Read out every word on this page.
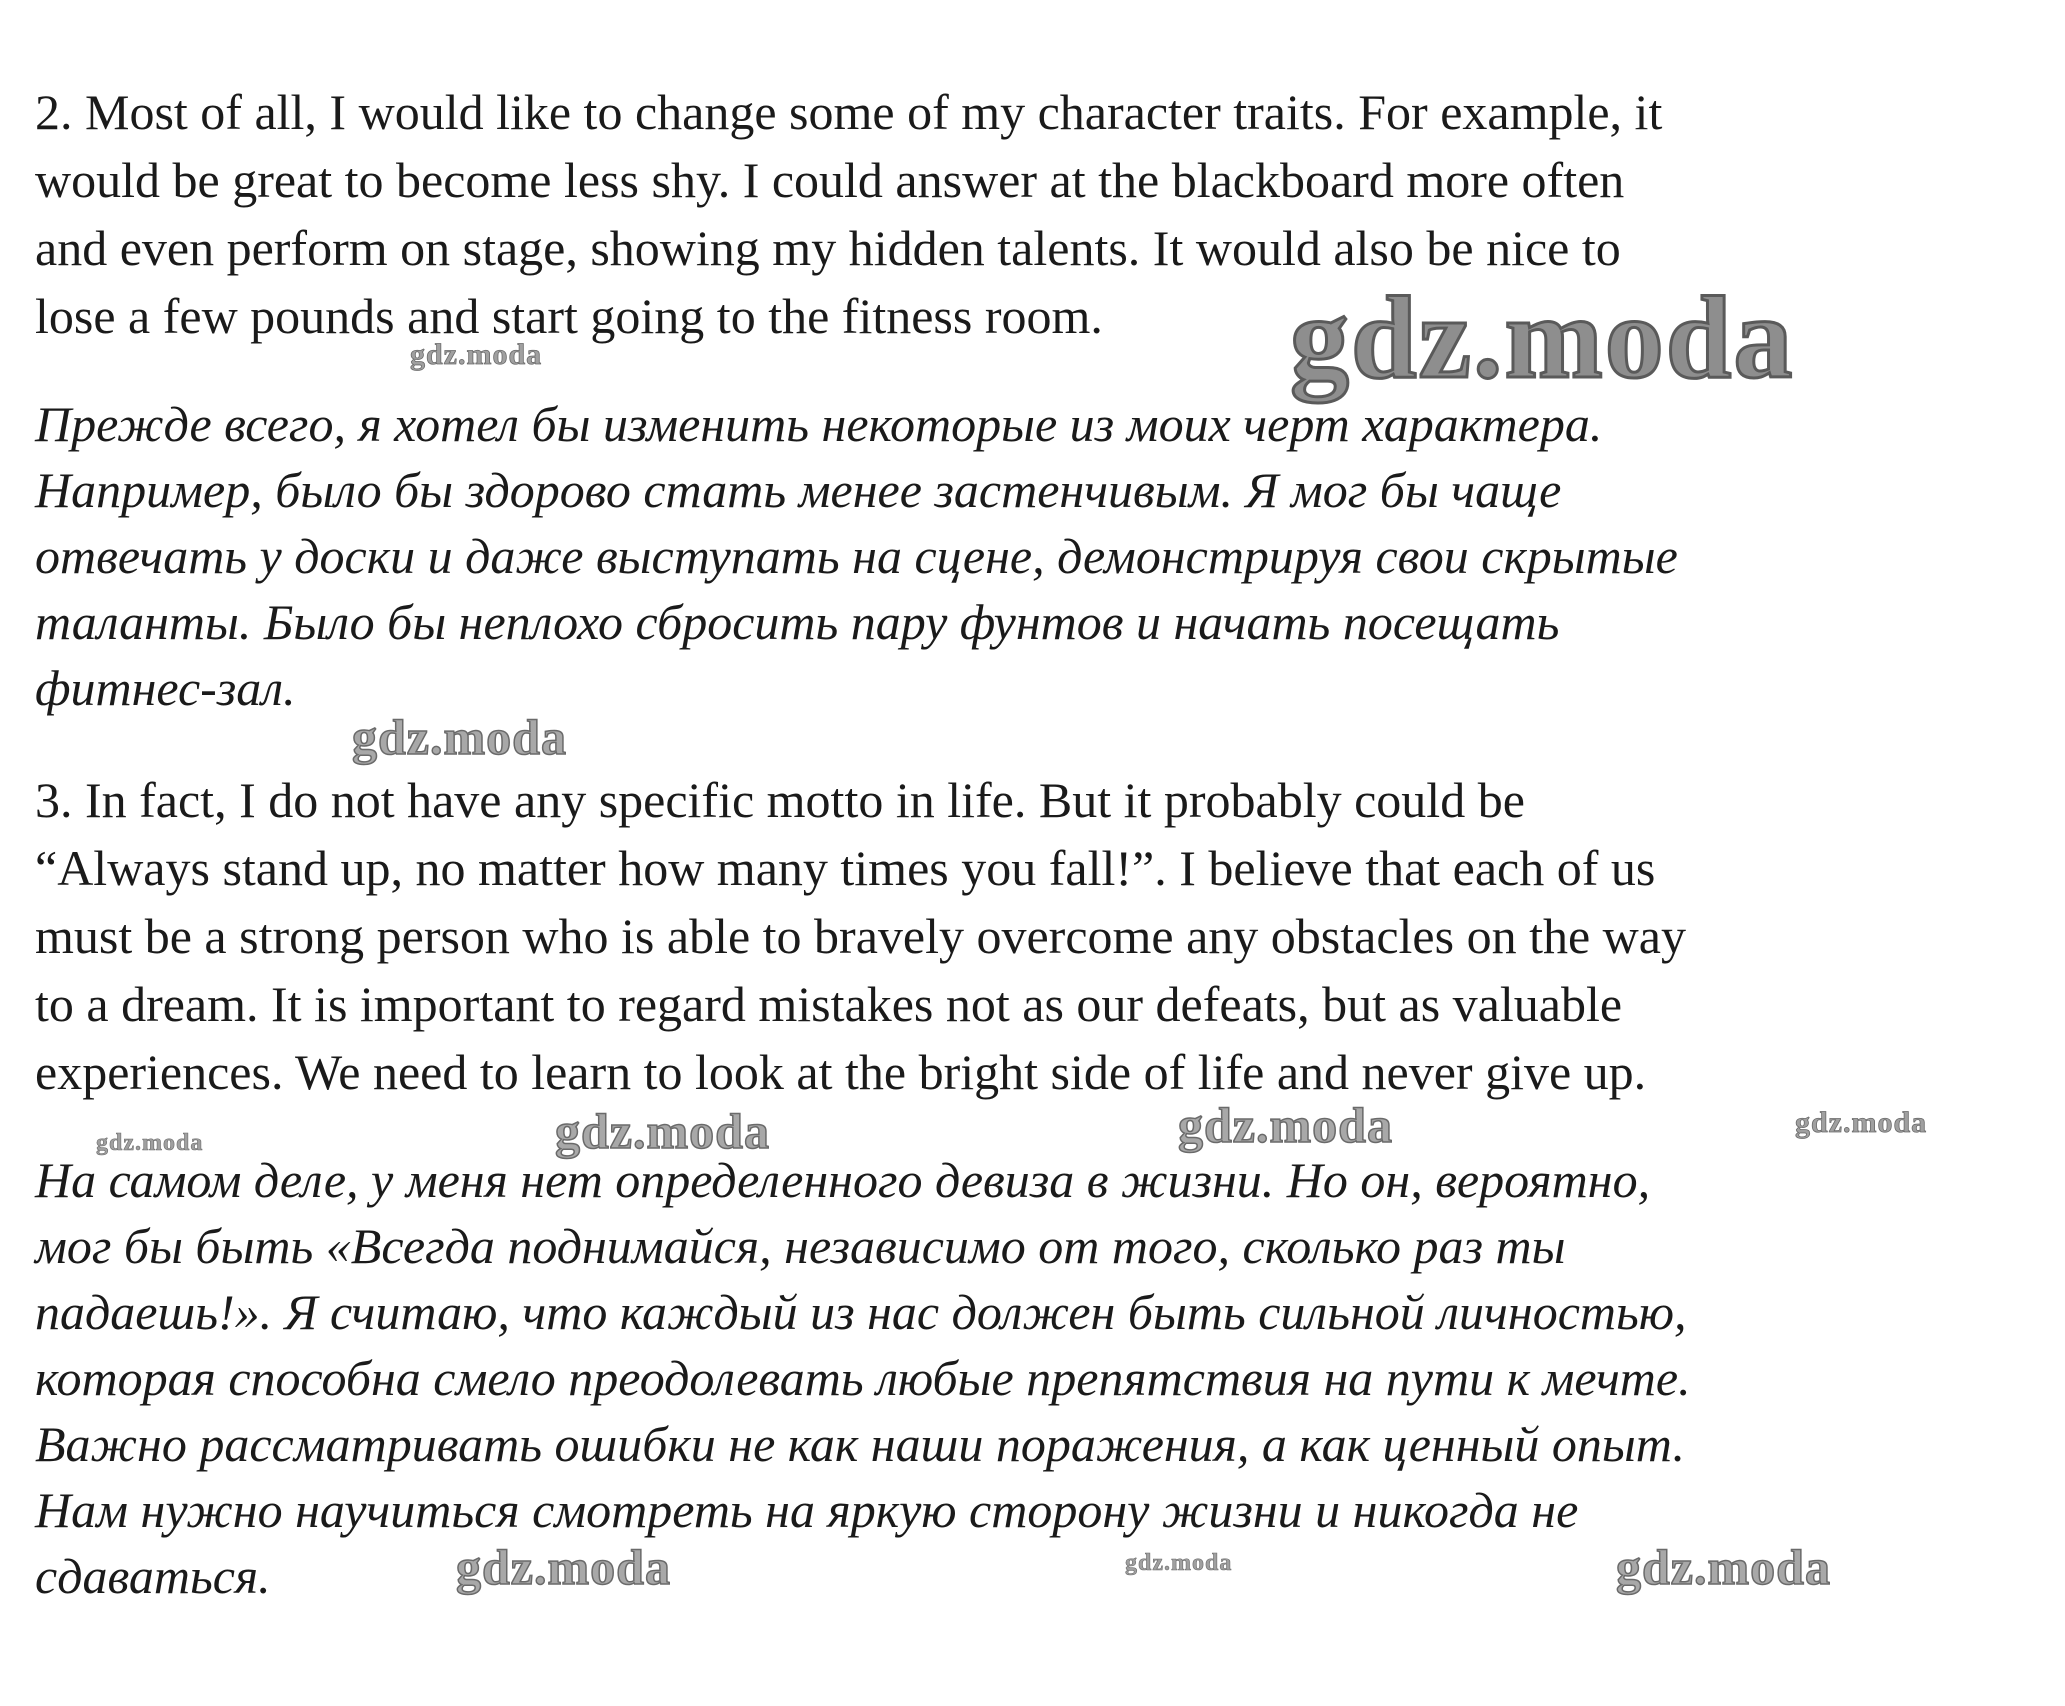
2. Most of all, I would like to change some of my character traits. For example, it

would be great to become less shy. I could answer at the blackboard more often

and even perform on stage, showing my hidden talents. It would also be nice to

lose a few pounds and start going to the fitness room.

Прежде всего, я хотел бы изменить некоторые из моих черт характера.

Например, было бы здорово стать менее застенчивым. Я мог бы чаще

отвечать у доски и даже выступать на сцене, демонстрируя свои скрытые

таланты. Было бы неплохо сбросить пару фунтов и начать посещать

фитнес-зал.

3. In fact, I do not have any specific motto in life. But it probably could be

“Always stand up, no matter how many times you fall!”. I believe that each of us

must be a strong person who is able to bravely overcome any obstacles on the way

to a dream. It is important to regard mistakes not as our defeats, but as valuable

experiences. We need to learn to look at the bright side of life and never give up.

На самом деле, у меня нет определенного девиза в жизни. Но он, вероятно,

мог бы быть «Всегда поднимайся, независимо от того, сколько раз ты

падаешь!». Я считаю, что каждый из нас должен быть сильной личностью,

которая способна смело преодолевать любые препятствия на пути к мечте.

Важно рассматривать ошибки не как наши поражения, а как ценный опыт.

Нам нужно научиться смотреть на яркую сторону жизни и никогда не

сдаваться.

gdz.moda
gdz.moda
gdz.moda
gdz.moda	gdz.moda	gdz.moda	gdz.moda
gdz.moda	gdz.moda	gdz.moda
